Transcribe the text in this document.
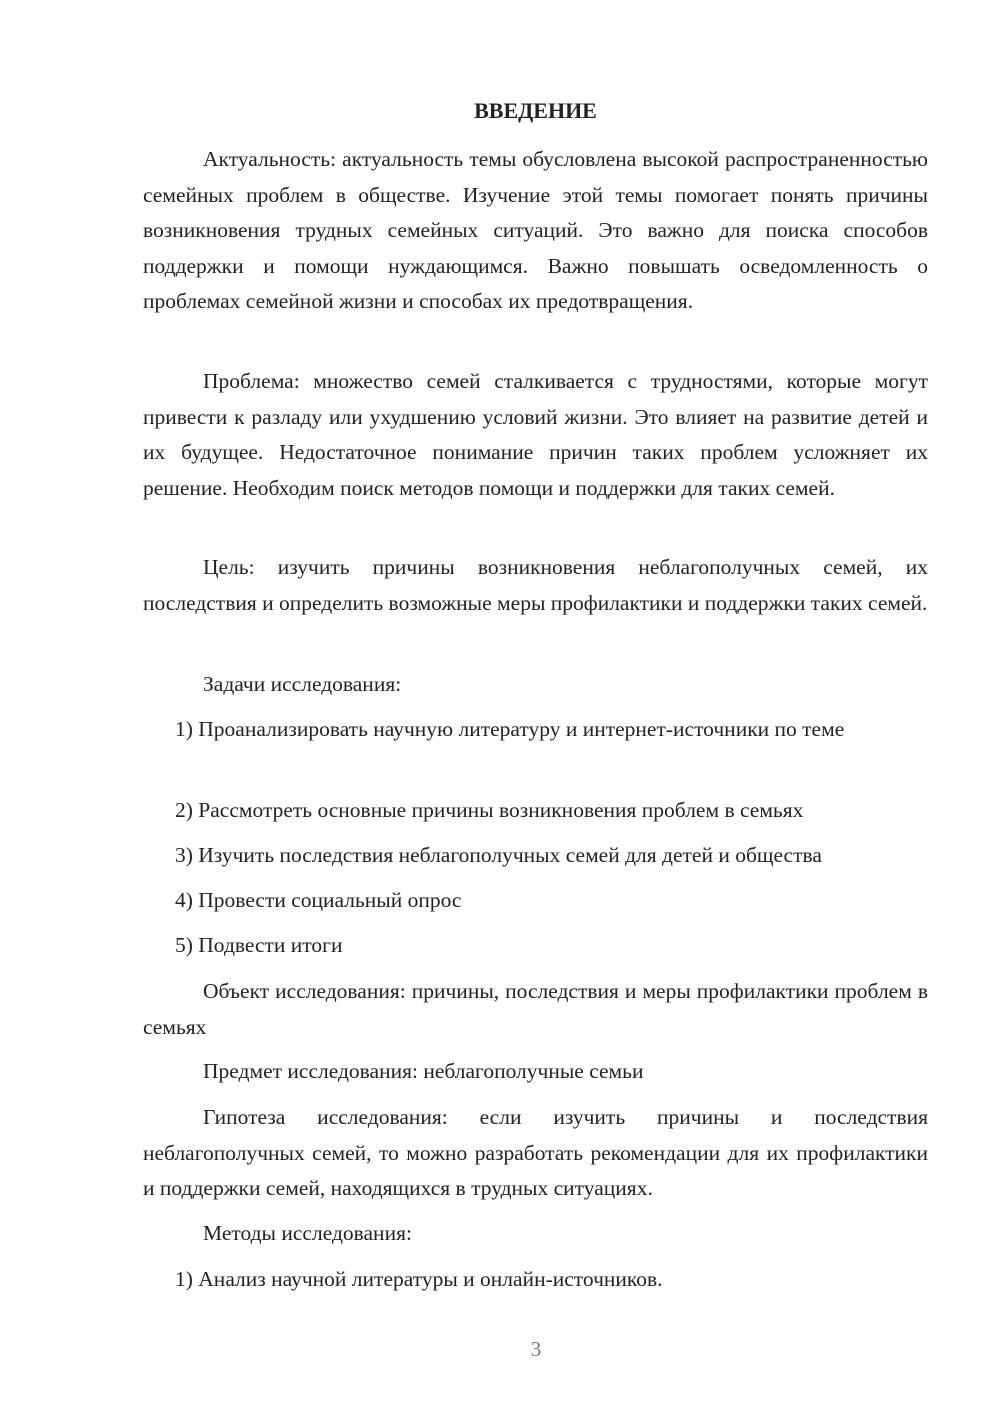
ВВЕДЕНИЕ

Актуальность: актуальность темы обусловлена высокой распространенностью семейных проблем в обществе. Изучение этой темы помогает понять причины возникновения трудных семейных ситуаций. Это важно для поиска способов поддержки и помощи нуждающимся. Важно повышать осведомленность о проблемах семейной жизни и способах их предотвращения.

Проблема: множество семей сталкивается с трудностями, которые могут привести к разладу или ухудшению условий жизни. Это влияет на развитие детей и их будущее. Недостаточное понимание причин таких проблем усложняет их решение. Необходим поиск методов помощи и поддержки для таких семей.

Цель: изучить причины возникновения неблагополучных семей, их последствия и определить возможные меры профилактики и поддержки таких семей.

Задачи исследования:

1) Проанализировать научную литературу и интернет-источники по теме

2) Рассмотреть основные причины возникновения проблем в семьях

3) Изучить последствия неблагополучных семей для детей и общества

4) Провести социальный опрос

5) Подвести итоги

Объект исследования: причины, последствия и меры профилактики проблем в семьях

Предмет исследования: неблагополучные семьи

Гипотеза исследования: если изучить причины и последствия неблагополучных семей, то можно разработать рекомендации для их профилактики и поддержки семей, находящихся в трудных ситуациях.

Методы исследования:

1) Анализ научной литературы и онлайн-источников.

3
